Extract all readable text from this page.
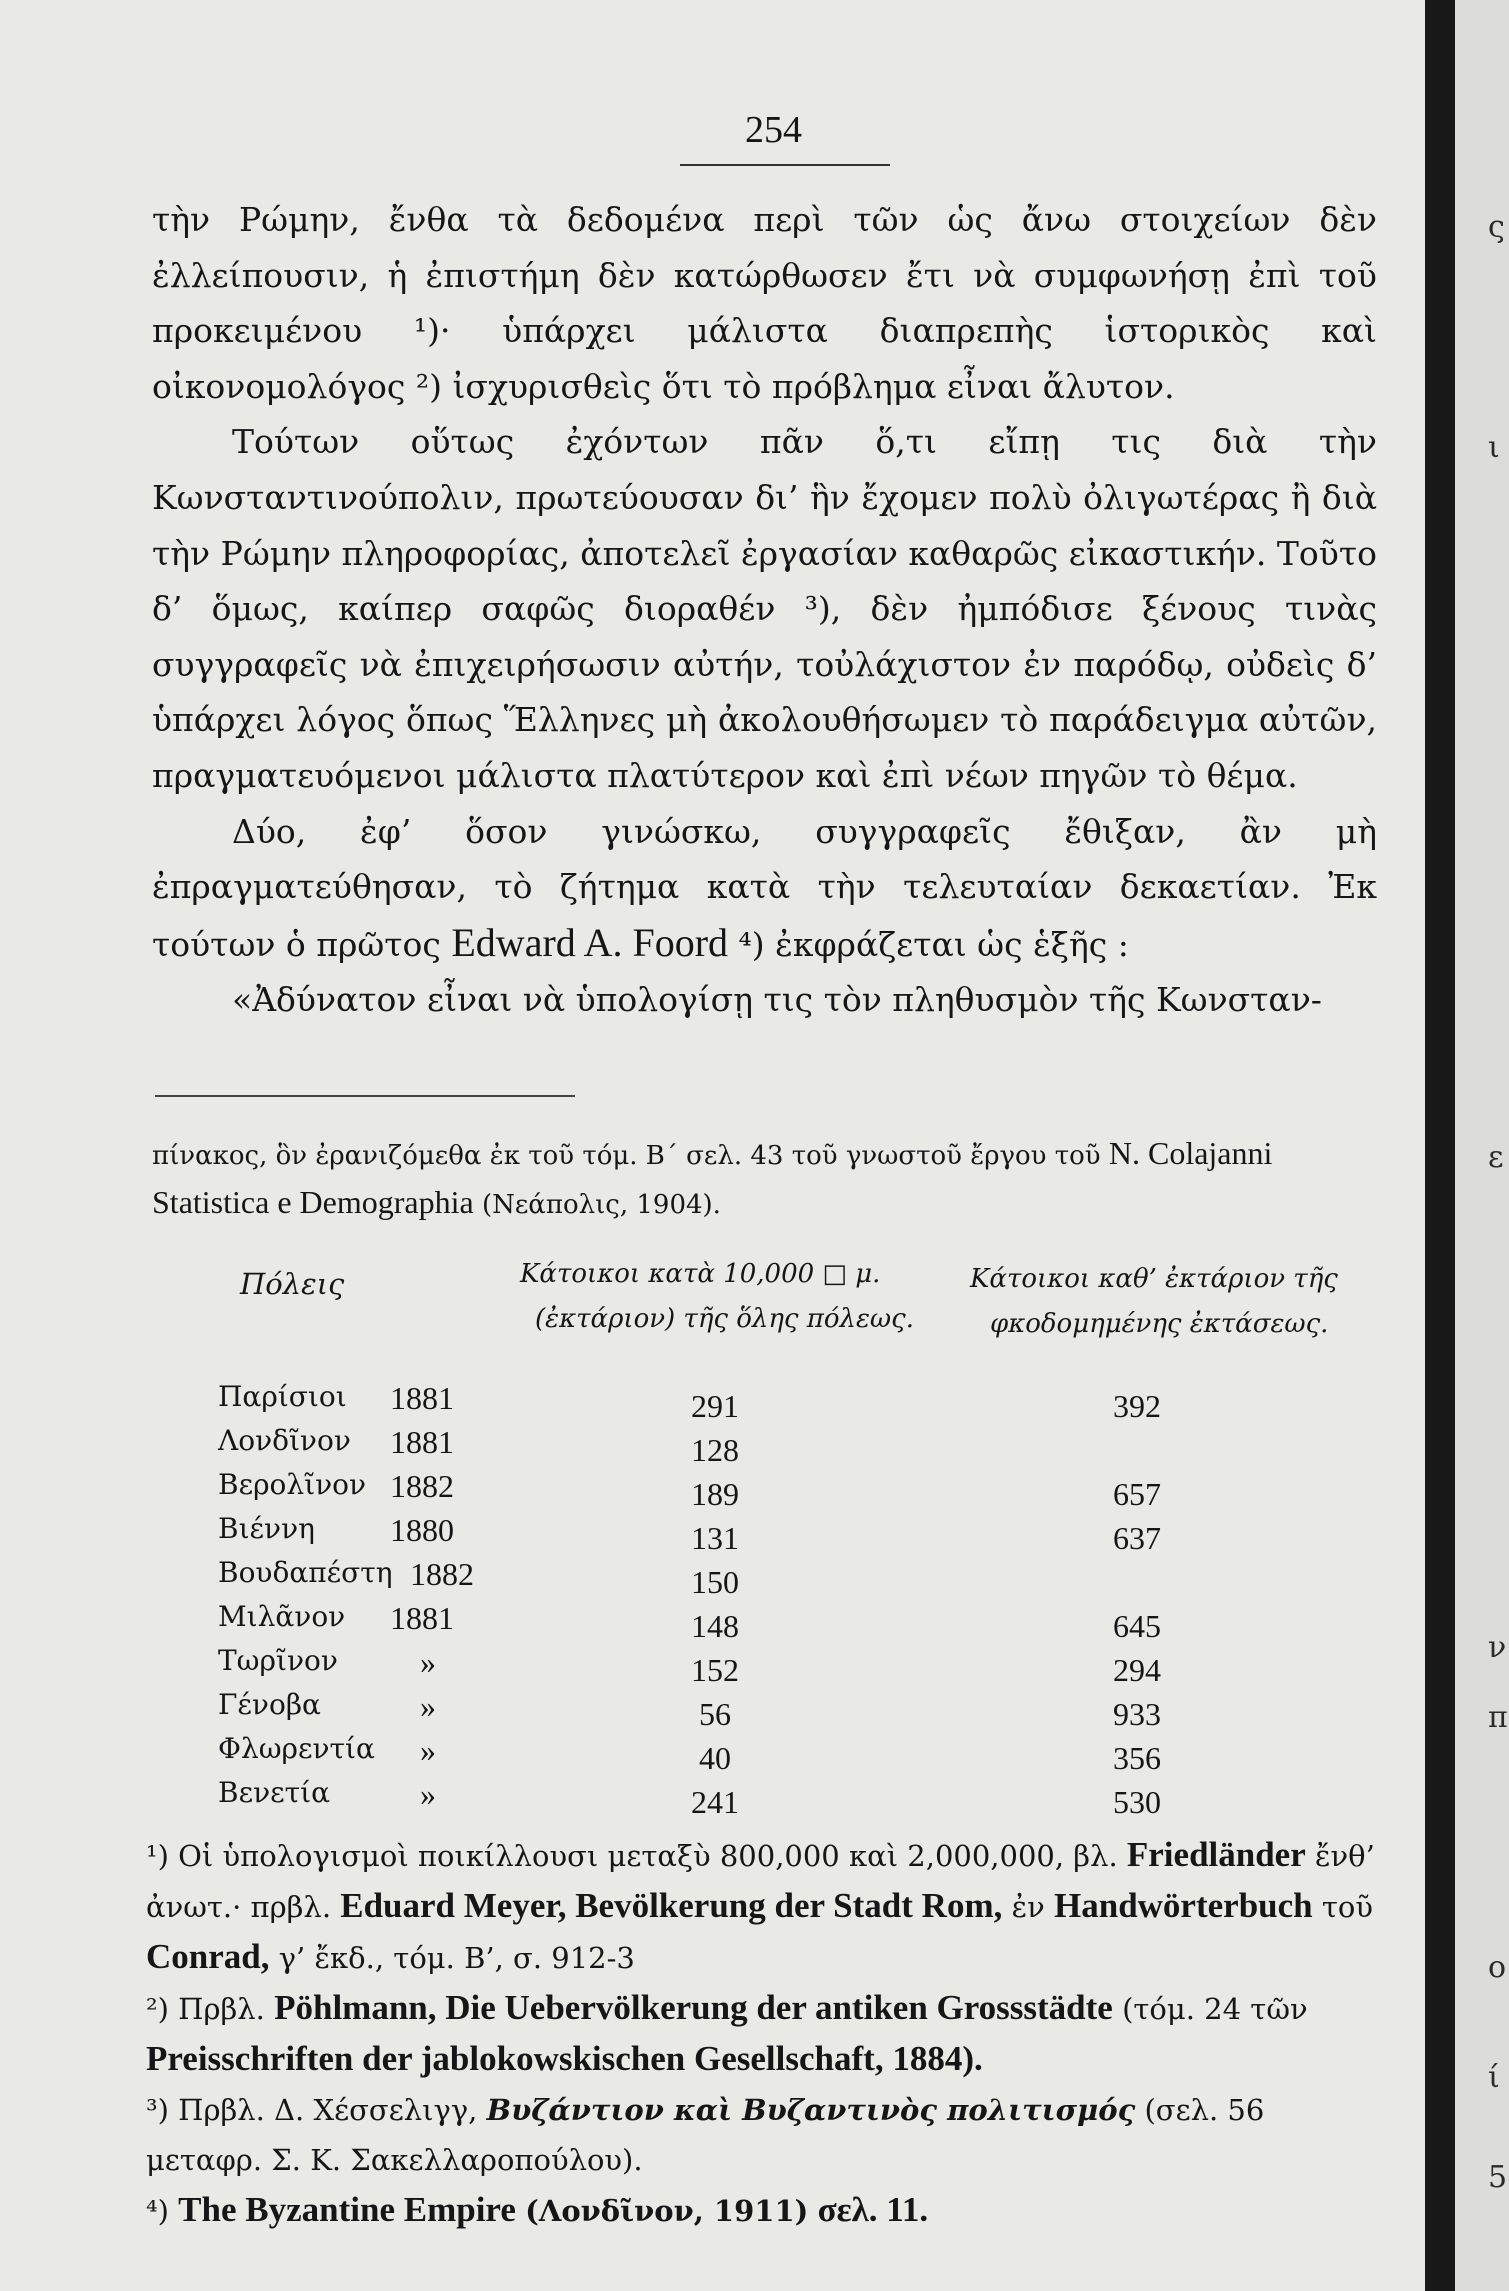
254

τὴν Ρώμην, ἔνθα τὰ δεδομένα περὶ τῶν ὡς ἄνω στοιχείων δὲν ἐλλείπουσιν, ἡ ἐπιστήμη δὲν κατώρθωσεν ἔτι νὰ συμφωνήσῃ ἐπὶ τοῦ προκειμένου ¹)· ὑπάρχει μάλιστα διαπρεπὴς ἱστορικὸς καὶ οἰκονομολόγος ²) ἰσχυρισθεὶς ὅτι τὸ πρόβλημα εἶναι ἄλυτον.

Τούτων οὕτως ἐχόντων πᾶν ὅ,τι εἴπῃ τις διὰ τὴν Κωνσταντινούπολιν, πρωτεύουσαν δι’ ἣν ἔχομεν πολὺ ὀλιγωτέρας ἢ διὰ τὴν Ρώμην πληροφορίας, ἀποτελεῖ ἐργασίαν καθαρῶς εἰκαστικήν. Τοῦτο δ’ ὅμως, καίπερ σαφῶς διοραθέν ³), δὲν ἠμπόδισε ξένους τινὰς συγγραφεῖς νὰ ἐπιχειρήσωσιν αὐτήν, τοὐλάχιστον ἐν παρόδῳ, οὐδεὶς δ’ ὑπάρχει λόγος ὅπως Ἕλληνες μὴ ἀκολουθήσωμεν τὸ παράδειγμα αὐτῶν, πραγματευόμενοι μάλιστα πλατύτερον καὶ ἐπὶ νέων πηγῶν τὸ θέμα.

Δύο, ἐφ’ ὅσον γινώσκω, συγγραφεῖς ἔθιξαν, ἂν μὴ ἐπραγματεύθησαν, τὸ ζήτημα κατὰ τὴν τελευταίαν δεκαετίαν. Ἐκ τούτων ὁ πρῶτος Edward A. Foord ⁴) ἐκφράζεται ὡς ἑξῆς :

«Ἀδύνατον εἶναι νὰ ὑπολογίσῃ τις τὸν πληθυσμὸν τῆς Κωνσταν-

πίνακος, ὃν ἐρανιζόμεθα ἐκ τοῦ τόμ. Β΄ σελ. 43 τοῦ γνωστοῦ ἔργου τοῦ N. Colajanni
Statistica e Demographia (Νεάπολις, 1904).
Πόλεις	Κάτοικοι κατὰ 10,000 □ μ.
(ἐκτάριον) τῆς ὅλης πόλεως.
Κάτοικοι καθ’ ἐκτάριον τῆς
φκοδομημένης ἐκτάσεως.
Παρίσιοι 1881	291	392
Λονδῖνον 1881	128
Βερολῖνον 1882	189	657
Βιέννη 1880	131	637
Βουδαπέστη 1882	150
Μιλᾶνον 1881	148	645
Τωρῖνον	»	152	294
Γένοβα	»	56	933
Φλωρεντία »	40	356
Βενετία	»	241	530

¹) Οἱ ὑπολογισμοὶ ποικίλλουσι μεταξὺ 800,000 καὶ 2,000,000, βλ. Friedländer ἔνθ’ ἀνωτ.· πρβλ. Eduard Meyer, Bevölkerung der Stadt Rom, ἐν Handwörterbuch τοῦ Conrad, γ’ ἔκδ., τόμ. Β’, σ. 912-3

²) Πρβλ. Pöhlmann, Die Uebervölkerung der antiken Grossstädte (τόμ. 24 τῶν Preisschriften der jablokowskischen Gesellschaft, 1884).

³) Πρβλ. Δ. Χέσσελιγγ, Βυζάντιον καὶ Βυζαντινὸς πολιτισμός (σελ. 56 μεταφρ. Σ. Κ. Σακελλαροπούλου).

⁴) The Byzantine Empire (Λονδῖνον, 1911) σελ. 11.

ς
ι
ε
ν
π
ο
ί
5
